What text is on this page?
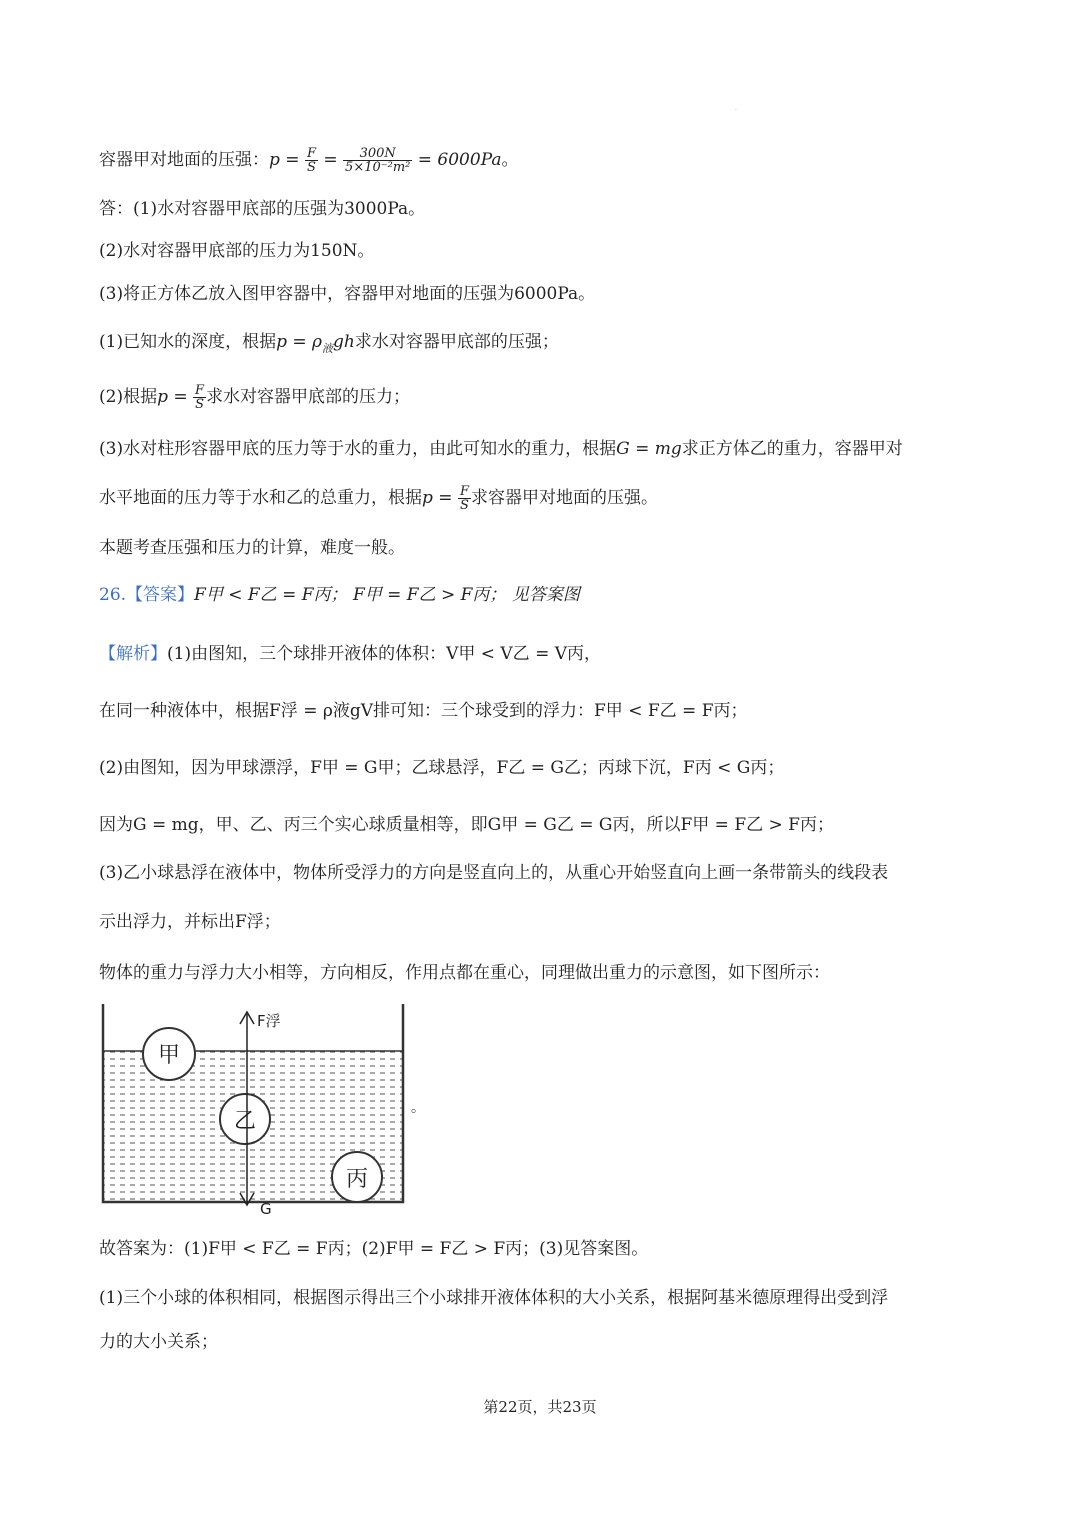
·
容器甲对地面的压强：$p = \frac{F}{S} = \frac{300N}{\text{5×10⁻²m²}} = 6000Pa$。
答：(1)水对容器甲底部的压强为3000Pa。
(2)水对容器甲底部的压力为150N。
(3)将正方体乙放入图甲容器中，容器甲对地面的压强为6000Pa。
(1)已知水的深度，根据$p = \rho_液gh$求水对容器甲底部的压强；
(2)根据$p = \frac{F}{S}$ 求水对容器甲底部的压力；
(3)水对柱形容器甲底的压力等于水的重力，由此可知水的重力，根据G = mg求正方体乙的重力，容器甲对
水平地面的压力等于水和乙的总重力，根据$p = \frac{F}{S}$ 求容器甲对地面的压强。
本题考查压强和压力的计算，难度一般。
26.【答案】F甲 < F乙 = F丙； F甲 = F乙 > F丙； 见答案图
【解析】(1)由图知，三个球排开液体的体积：V甲 < V乙 = V丙，
在同一种液体中，根据F浮 = ρ液gV排可知：三个球受到的浮力：F甲 < F乙 = F丙；
(2)由图知，因为甲球漂浮，F甲 = G甲；乙球悬浮，F乙 = G乙；丙球下沉，F丙 < G丙；
因为G = mg，甲、乙、丙三个实心球质量相等，即G甲 = G乙 = G丙，所以F甲 = F乙 > F丙；
(3)乙小球悬浮在液体中，物体所受浮力的方向是竖直向上的，从重心开始竖直向上画一条带箭头的线段表
示出浮力，并标出F浮；
物体的重力与浮力大小相等，方向相反，作用点都在重心，同理做出重力的示意图，如下图所示：
甲
乙
丙
F浮
G
。
故答案为：(1)F甲 < F乙 = F丙；(2)F甲 = F乙 > F丙；(3)见答案图。
(1)三个小球的体积相同，根据图示得出三个小球排开液体体积的大小关系，根据阿基米德原理得出受到浮
力的大小关系；
第22页，共23页
